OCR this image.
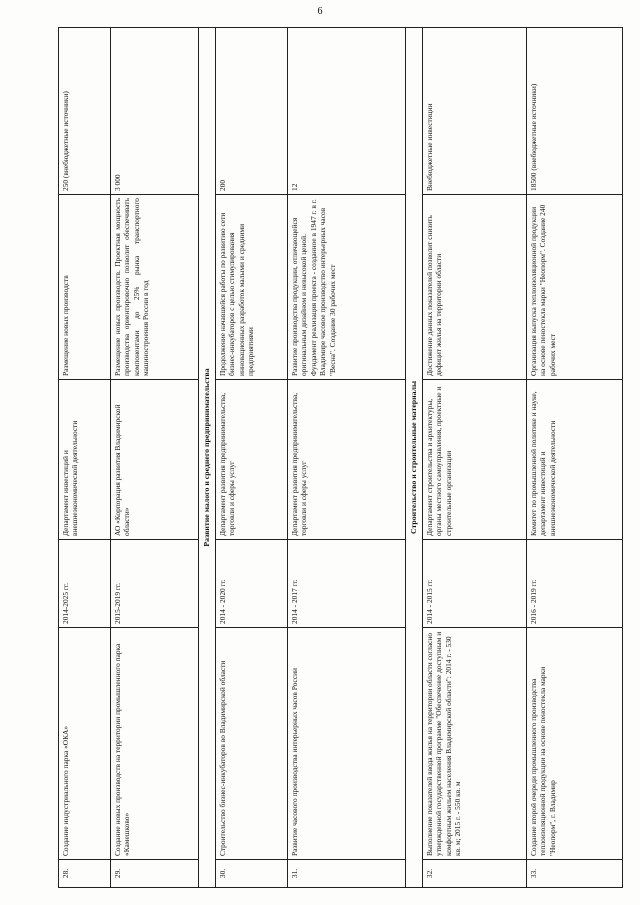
6
28.	Создание индустриального парка «ОКА»	2014-2025 гг.	Департамент инвестиций и внешнеэкономической деятельности	Размещение новых производств	250 (внебюджетные источники)
29.	Создание новых производств на территории промышленного парка «Камешково»	2015-2019 гг.	АО «Корпорация развития Владимирской области»	Размещение новых производств. Проектная мощность производства ориентировочно позволит обеспечивать компонентами до 25% рынка транспортного машиностроения России в год	3 000
Развитие малого и среднего предпринимательства					
30.	Строительство бизнес-инкубаторов во Владимирской области	2014 - 2020 гг.	Департамент развития предпринимательства, торговли и сферы услуг	Продолжение начавшейся работы по развитию сети бизнес-инкубаторов с целью стимулирования инновационных разработок малыми и средними предприятиями	200
31.	Развитие часового производства интерьерных часов России	2014 - 2017 гг.	Департамент развития предпринимательства, торговли и сферы услуг	Развитие производства продукции, отличающейся оригинальным дизайном и невысокой ценой. Фундамент реализация проекта - созданное в 1947 г. в г. Владимире часовое производство интерьерных часов "Весна". Создание 30 рабочих мест	12
Строительство и строительные материалы					
32.	Выполнение показателей ввода жилья на территории области согласно утвержденной государственной программе "Обеспечение доступным и комфортным жильем населения Владимирской области": 2014 г. - 530 кв. м; 2015 г. - 550 кв. м	2014 - 2015 гг.	Департамент строительства и архитектуры, органы местного самоуправления, проектные и строительные организации	Достижение данных показателей позволит снизить дефицит жилья на территории области	Внебюджетные инвестиции
33.	Создание второй очереди промышленного производства теплоизоляционной продукции на основе пеностекла марки "Неопорм", г. Владимир	2016 - 2019 гг.	Комитет по промышленной политике и науке, департамент инвестиций и внешнеэкономической деятельности	Организация выпуска теплоизоляционной продукции на основе пеностекла марки "Неопорм". Создание 240 рабочих мест	18500 (внебюджетные источники)
